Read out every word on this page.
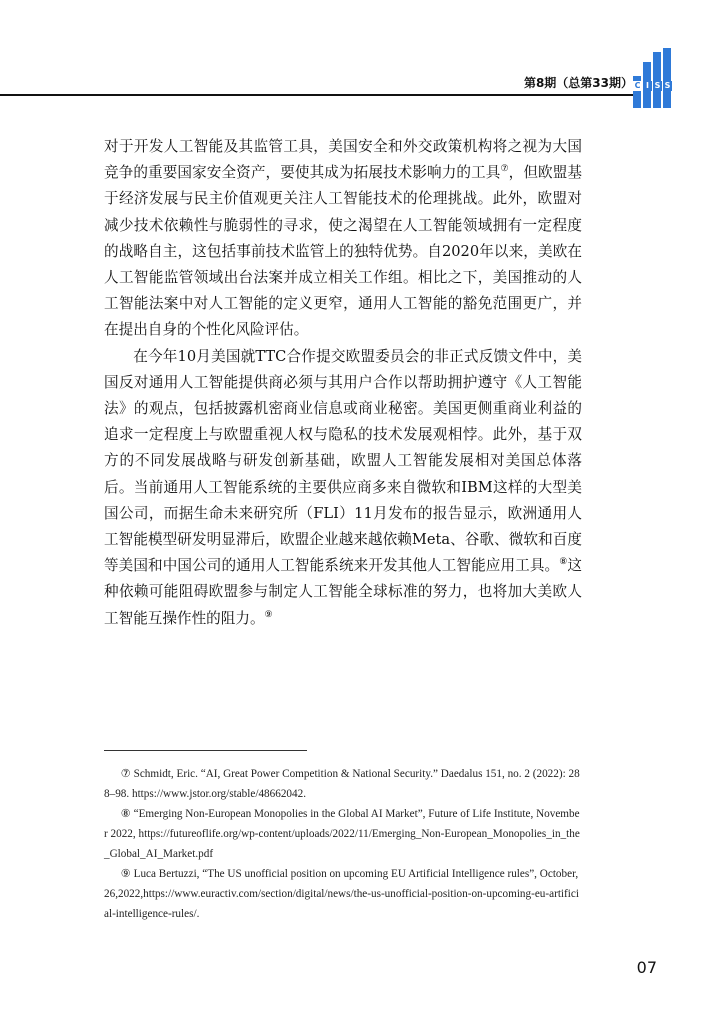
第8期（总第33期） C I S S

对于开发人工智能及其监管工具，美国安全和外交政策机构将之视为大国竞争的重要国家安全资产，要使其成为拓展技术影响力的工具⑦，但欧盟基于经济发展与民主价值观更关注人工智能技术的伦理挑战。此外，欧盟对减少技术依赖性与脆弱性的寻求，使之渴望在人工智能领域拥有一定程度的战略自主，这包括事前技术监管上的独特优势。自2020年以来，美欧在人工智能监管领域出台法案并成立相关工作组。相比之下，美国推动的人工智能法案中对人工智能的定义更窄，通用人工智能的豁免范围更广，并在提出自身的个性化风险评估。

在今年10月美国就TTC合作提交欧盟委员会的非正式反馈文件中，美国反对通用人工智能提供商必须与其用户合作以帮助拥护遵守《人工智能法》的观点，包括披露机密商业信息或商业秘密。美国更侧重商业利益的追求一定程度上与欧盟重视人权与隐私的技术发展观相悖。此外，基于双方的不同发展战略与研发创新基础，欧盟人工智能发展相对美国总体落后。当前通用人工智能系统的主要供应商多来自微软和IBM这样的大型美国公司，而据生命未来研究所（FLI）11月发布的报告显示，欧洲通用人工智能模型研发明显滞后，欧盟企业越来越依赖Meta、谷歌、微软和百度等美国和中国公司的通用人工智能系统来开发其他人工智能应用工具。⑧这种依赖可能阻碍欧盟参与制定人工智能全球标准的努力，也将加大美欧人工智能互操作性的阻力。⑨

⑦ Schmidt, Eric. “AI, Great Power Competition & National Security.” Daedalus 151, no. 2 (2022): 288–98. https://www.jstor.org/stable/48662042.

⑧ “Emerging Non-European Monopolies in the Global AI Market”, Future of Life Institute, November 2022, https://futureoflife.org/wp-content/uploads/2022/11/Emerging_Non-European_Monopolies_in_the_Global_AI_Market.pdf

⑨ Luca Bertuzzi, “The US unofficial position on upcoming EU Artificial Intelligence rules”, October,26,2022,https://www.euractiv.com/section/digital/news/the-us-unofficial-position-on-upcoming-eu-artificial-intelligence-rules/.

07
